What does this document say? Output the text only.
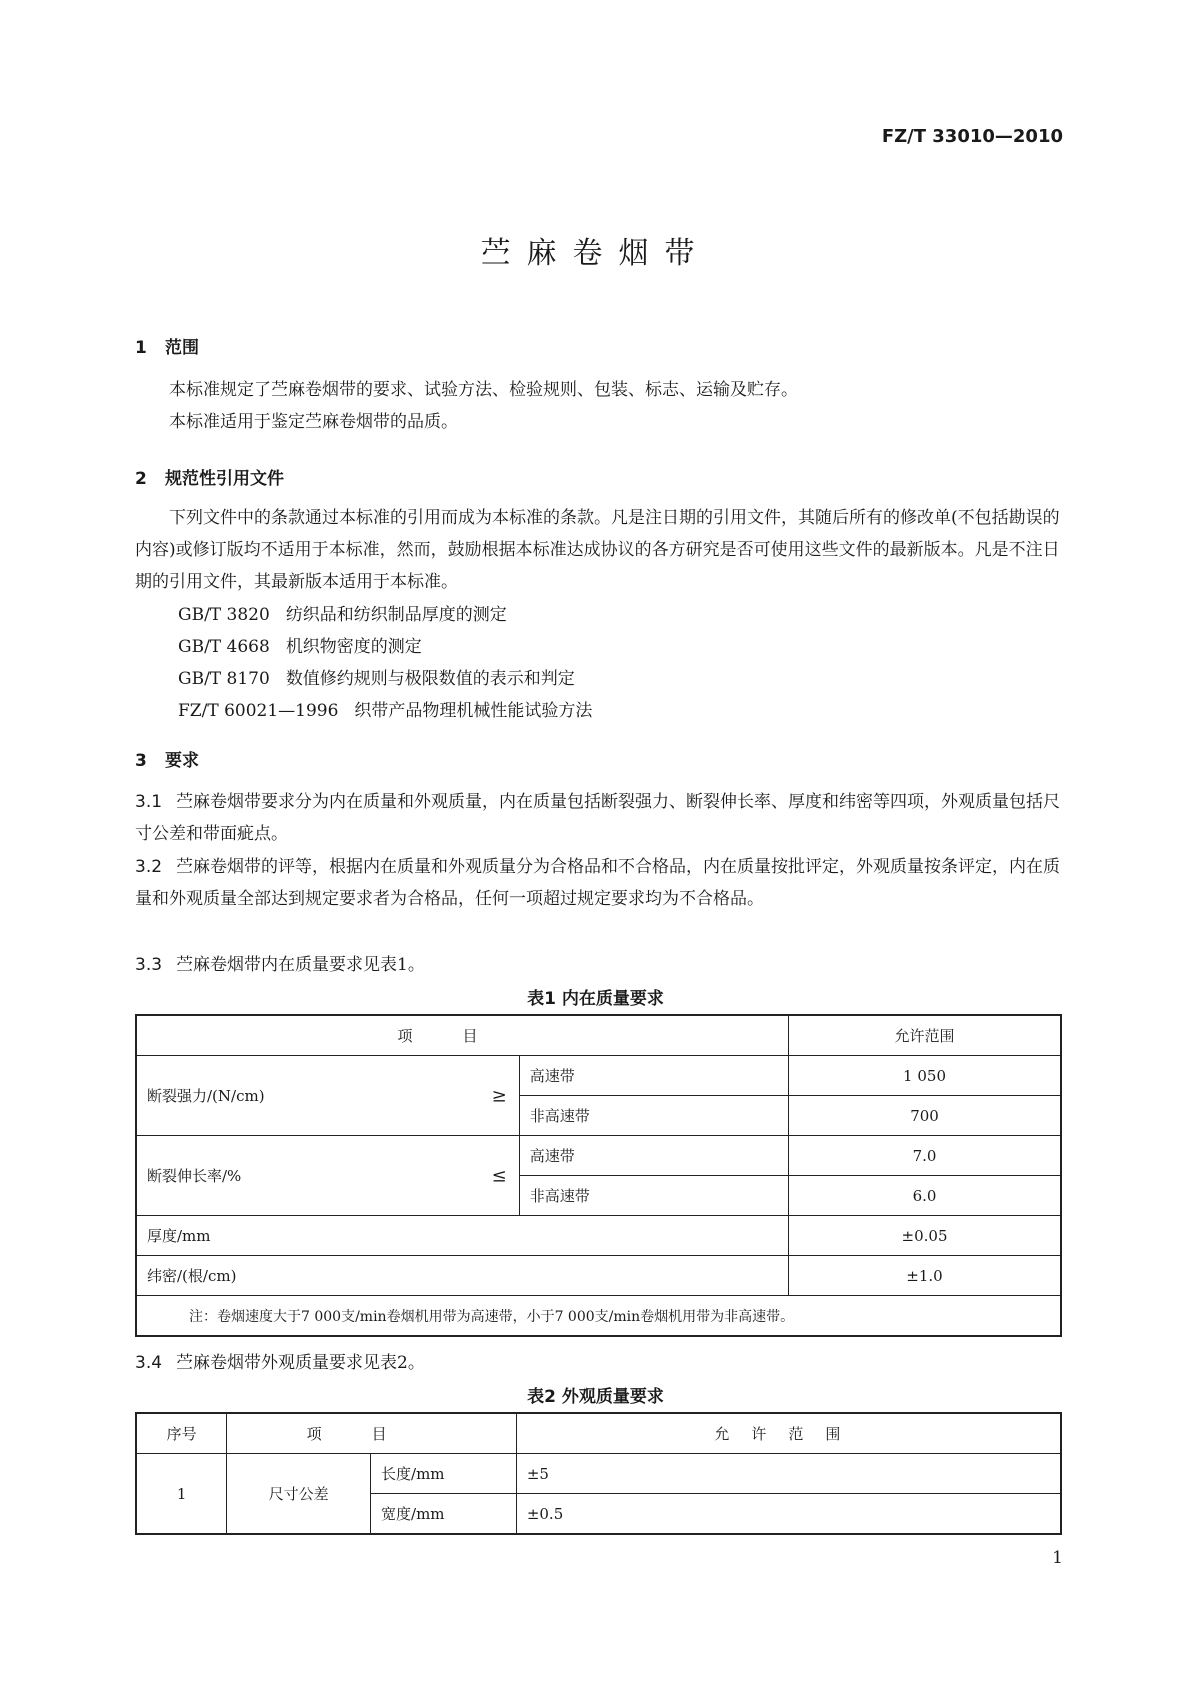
FZ/T 33010—2010
苎麻卷烟带
1 范围
本标准规定了苎麻卷烟带的要求、试验方法、检验规则、包装、标志、运输及贮存。
本标准适用于鉴定苎麻卷烟带的品质。
2 规范性引用文件
下列文件中的条款通过本标准的引用而成为本标准的条款。凡是注日期的引用文件，其随后所有的修改单(不包括勘误的内容)或修订版均不适用于本标准，然而，鼓励根据本标准达成协议的各方研究是否可使用这些文件的最新版本。凡是不注日期的引用文件，其最新版本适用于本标准。
GB/T 3820 纺织品和纺织制品厚度的测定
GB/T 4668 机织物密度的测定
GB/T 8170 数值修约规则与极限数值的表示和判定
FZ/T 60021—1996 织带产品物理机械性能试验方法
3 要求
3.1 苎麻卷烟带要求分为内在质量和外观质量，内在质量包括断裂强力、断裂伸长率、厚度和纬密等四项，外观质量包括尺寸公差和带面疵点。
3.2 苎麻卷烟带的评等，根据内在质量和外观质量分为合格品和不合格品，内在质量按批评定，外观质量按条评定，内在质量和外观质量全部达到规定要求者为合格品，任何一项超过规定要求均为不合格品。
3.3 苎麻卷烟带内在质量要求见表1。
表1 内在质量要求
项目		允许范围
断裂强力/(N/cm) ≥	高速带	1 050
	非高速带	700
断裂伸长率/% ≤	高速带	7.0
	非高速带	6.0
厚度/mm		±0.05
纬密/(根/cm)		±1.0
注：卷烟速度大于7 000支/min卷烟机用带为高速带，小于7 000支/min卷烟机用带为非高速带。		
3.4 苎麻卷烟带外观质量要求见表2。
表2 外观质量要求
序号	项目		允许范围
1	尺寸公差	长度/mm	±5
		宽度/mm	±0.5
1
